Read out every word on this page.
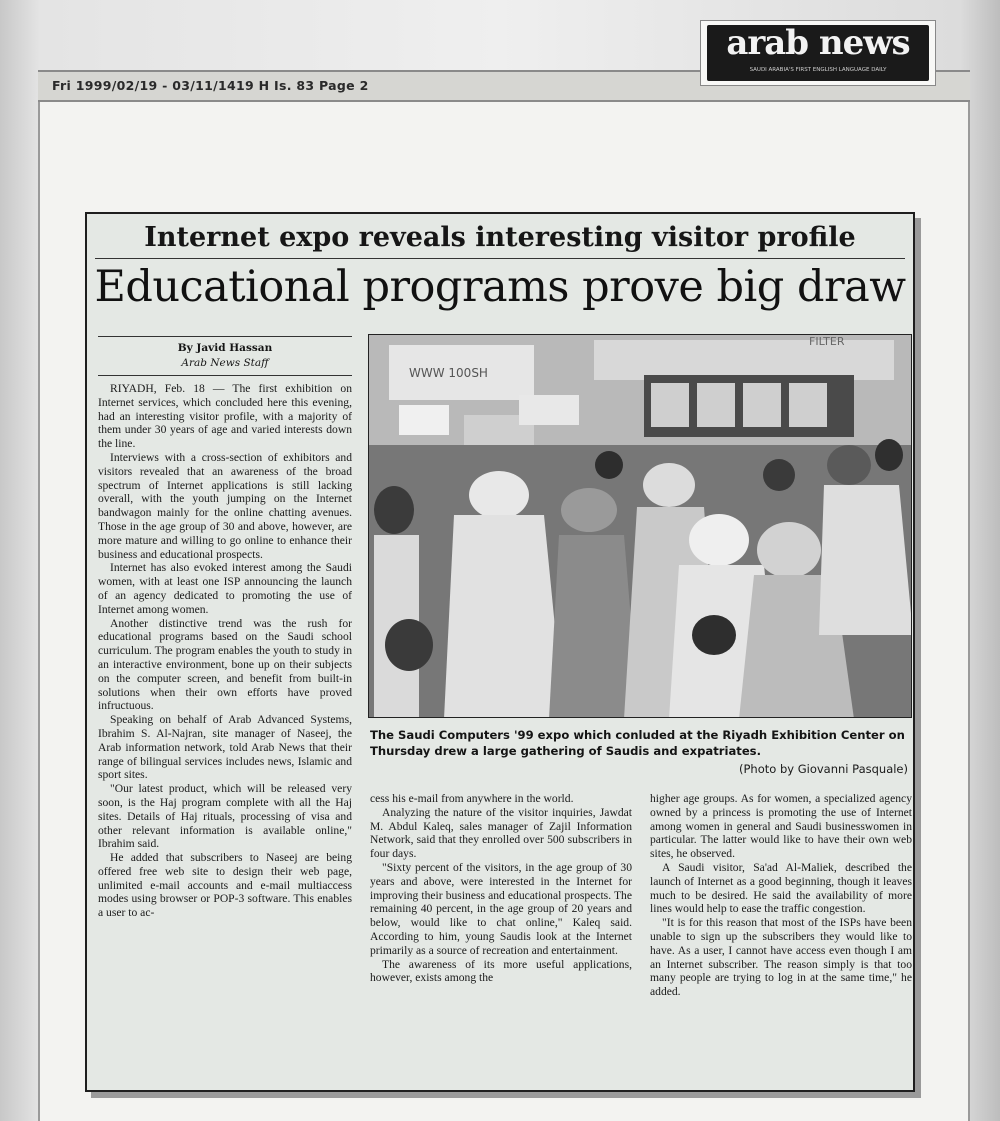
Fri 1999/02/19 - 03/11/1419 H Is. 83 Page 2
arab news
SAUDI ARABIA'S FIRST ENGLISH LANGUAGE DAILY
Internet expo reveals interesting visitor profile
Educational programs prove big draw
By Javid Hassan
Arab News Staff

RIYADH, Feb. 18 — The first exhibition on Internet services, which concluded here this evening, had an interesting visitor profile, with a majority of them under 30 years of age and varied interests down the line.

Interviews with a cross-section of exhibitors and visitors revealed that an awareness of the broad spectrum of Internet applications is still lacking overall, with the youth jumping on the Internet bandwagon mainly for the online chatting avenues. Those in the age group of 30 and above, however, are more mature and willing to go online to enhance their business and educational prospects.

Internet has also evoked interest among the Saudi women, with at least one ISP announcing the launch of an agency dedicated to promoting the use of Internet among women.

Another distinctive trend was the rush for educational programs based on the Saudi school curriculum. The program enables the youth to study in an interactive environment, bone up on their subjects on the computer screen, and benefit from built-in solutions when their own efforts have proved infructuous.

Speaking on behalf of Arab Advanced Systems, Ibrahim S. Al-Najran, site manager of Naseej, the Arab information network, told Arab News that their range of bilingual services includes news, Islamic and sport sites.

"Our latest product, which will be released very soon, is the Haj program complete with all the Haj sites. Details of Haj rituals, processing of visa and other relevant information is available online," Ibrahim said.

He added that subscribers to Naseej are being offered free web site to design their web page, unlimited e-mail accounts and e-mail multiaccess modes using browser or POP-3 software. This enables a user to ac-

WWW 100SH
FILTER
The Saudi Computers '99 expo which conluded at the Riyadh Exhibition Center on Thursday drew a large gathering of Saudis and expatriates.
(Photo by Giovanni Pasquale)

cess his e-mail from anywhere in the world.

Analyzing the nature of the visitor inquiries, Jawdat M. Abdul Kaleq, sales manager of Zajil Information Network, said that they enrolled over 500 subscribers in four days.

"Sixty percent of the visitors, in the age group of 30 years and above, were interested in the Internet for improving their business and educational prospects. The remaining 40 percent, in the age group of 20 years and below, would like to chat online," Kaleq said. According to him, young Saudis look at the Internet primarily as a source of recreation and entertainment.

The awareness of its more useful applications, however, exists among the

higher age groups. As for women, a specialized agency owned by a princess is promoting the use of Internet among women in general and Saudi businesswomen in particular. The latter would like to have their own web sites, he observed.

A Saudi visitor, Sa'ad Al-Maliek, described the launch of Internet as a good beginning, though it leaves much to be desired. He said the availability of more lines would help to ease the traffic congestion.

"It is for this reason that most of the ISPs have been unable to sign up the subscribers they would like to have. As a user, I cannot have access even though I am an Internet subscriber. The reason simply is that too many people are trying to log in at the same time," he added.
